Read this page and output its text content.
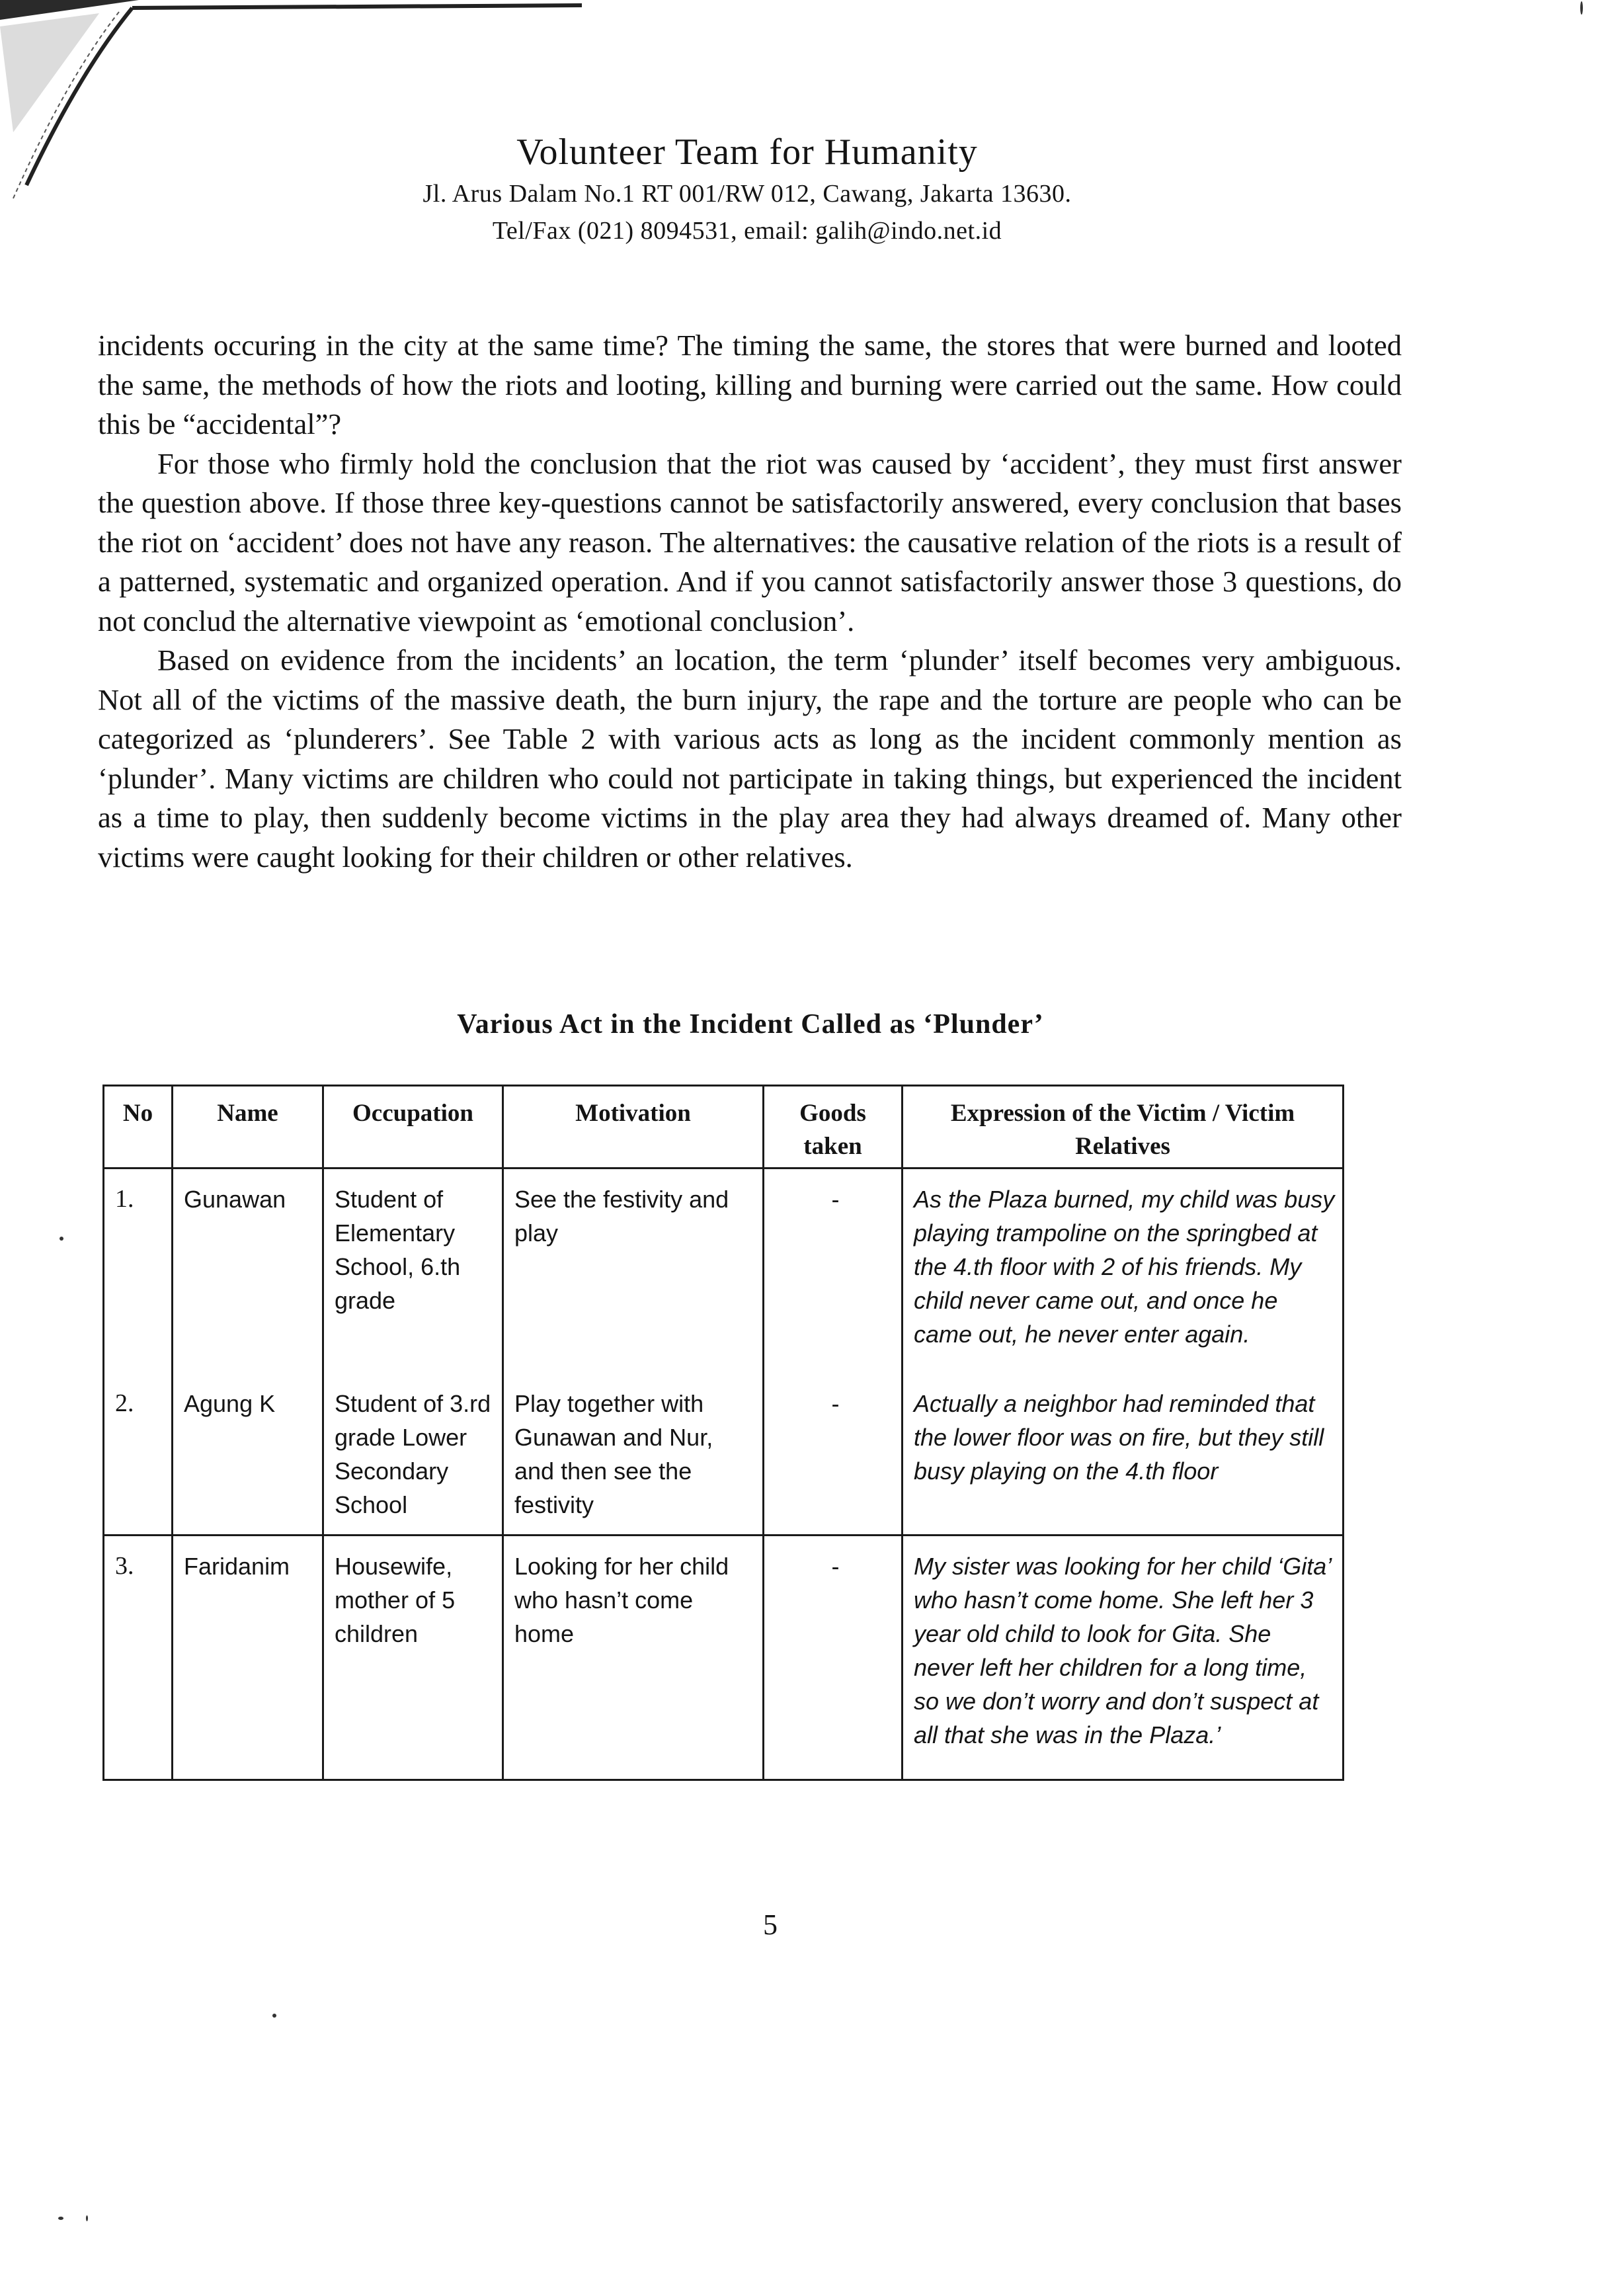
Volunteer Team for Humanity
Jl. Arus Dalam No.1 RT 001/RW 012, Cawang, Jakarta 13630.
Tel/Fax (021) 8094531, email: galih@indo.net.id

incidents occuring in the city at the same time? The timing the same, the stores that were burned and looted the same, the methods of how the riots and looting, killing and burning were carried out the same. How could this be “accidental”?

For those who firmly hold the conclusion that the riot was caused by ‘accident’, they must first answer the question above. If those three key-questions cannot be satisfactorily answered, every conclusion that bases the riot on ‘accident’ does not have any reason. The alternatives: the causative relation of the riots is a result of a patterned, systematic and organized operation. And if you cannot satisfactorily answer those 3 questions, do not conclud the alternative viewpoint as ‘emotional conclusion’.

Based on evidence from the incidents’ an location, the term ‘plunder’ itself becomes very ambiguous. Not all of the victims of the massive death, the burn injury, the rape and the torture are people who can be categorized as ‘plunderers’. See Table 2 with various acts as long as the incident commonly mention as ‘plunder’. Many victims are children who could not participate in taking things, but experienced the incident as a time to play, then suddenly become victims in the play area they had always dreamed of. Many other victims were caught looking for their children or other relatives.

Various Act in the Incident Called as ‘Plunder’
No	Name	Occupation	Motivation	Goods taken	Expression of the Victim / Victim Relatives
1.	Gunawan	Student of Elementary School, 6.th grade	See the festivity and play	-	As the Plaza burned, my child was busy playing trampoline on the springbed at the 4.th floor with 2 of his friends. My child never came out, and once he came out, he never enter again.
2.	Agung K	Student of 3.rd grade Lower Secondary School	Play together with Gunawan and Nur, and then see the festivity	-	Actually a neighbor had reminded that the lower floor was on fire, but they still busy playing on the 4.th floor
3.	Faridanim	Housewife, mother of 5 children	Looking for her child who hasn’t come home	-	My sister was looking for her child ‘Gita’ who hasn’t come home. She left her 3 year old child to look for Gita. She never left her children for a long time, so we don’t worry and don’t suspect at all that she was in the Plaza.’
5
